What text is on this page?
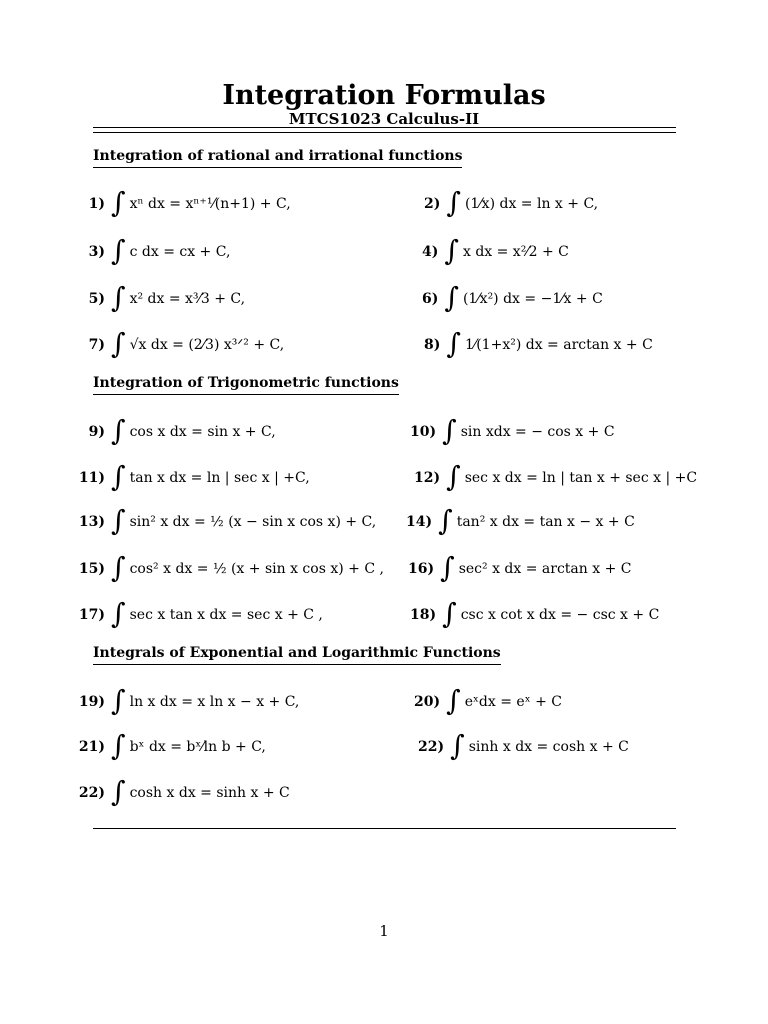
Integration Formulas
MTCS1023 Calculus-II
Integration of rational and irrational functions
1) ∫ xⁿ dx = xⁿ⁺¹⁄(n+1) + C,	2) ∫ (1⁄x) dx = ln x + C,
3) ∫ c dx = cx + C,	4) ∫ x dx = x²⁄2 + C
5) ∫ x² dx = x³⁄3 + C,	6) ∫ (1⁄x²) dx = −1⁄x + C
7) ∫ √x dx = (2⁄3) x³ᐟ² + C,	8) ∫ 1⁄(1+x²) dx = arctan x + C
Integration of Trigonometric functions
9) ∫ cos x dx = sin x + C,	10) ∫ sin xdx = − cos x + C
11) ∫ tan x dx = ln | sec x | +C,	12) ∫ sec x dx = ln | tan x + sec x | +C
13) ∫ sin² x dx = ½ (x − sin x cos x) + C, 14) ∫ tan² x dx = tan x − x + C
15) ∫ cos² x dx = ½ (x + sin x cos x) + C , 16) ∫ sec² x dx = arctan x + C
17) ∫ sec x tan x dx = sec x + C ,	18) ∫ csc x cot x dx = − csc x + C
Integrals of Exponential and Logarithmic Functions
19) ∫ ln x dx = x ln x − x + C,	20) ∫ eˣdx = eˣ + C
21) ∫ bˣ dx = bˣ⁄ln b + C,	22) ∫ sinh x dx = cosh x + C
22) ∫ cosh x dx = sinh x + C
1
